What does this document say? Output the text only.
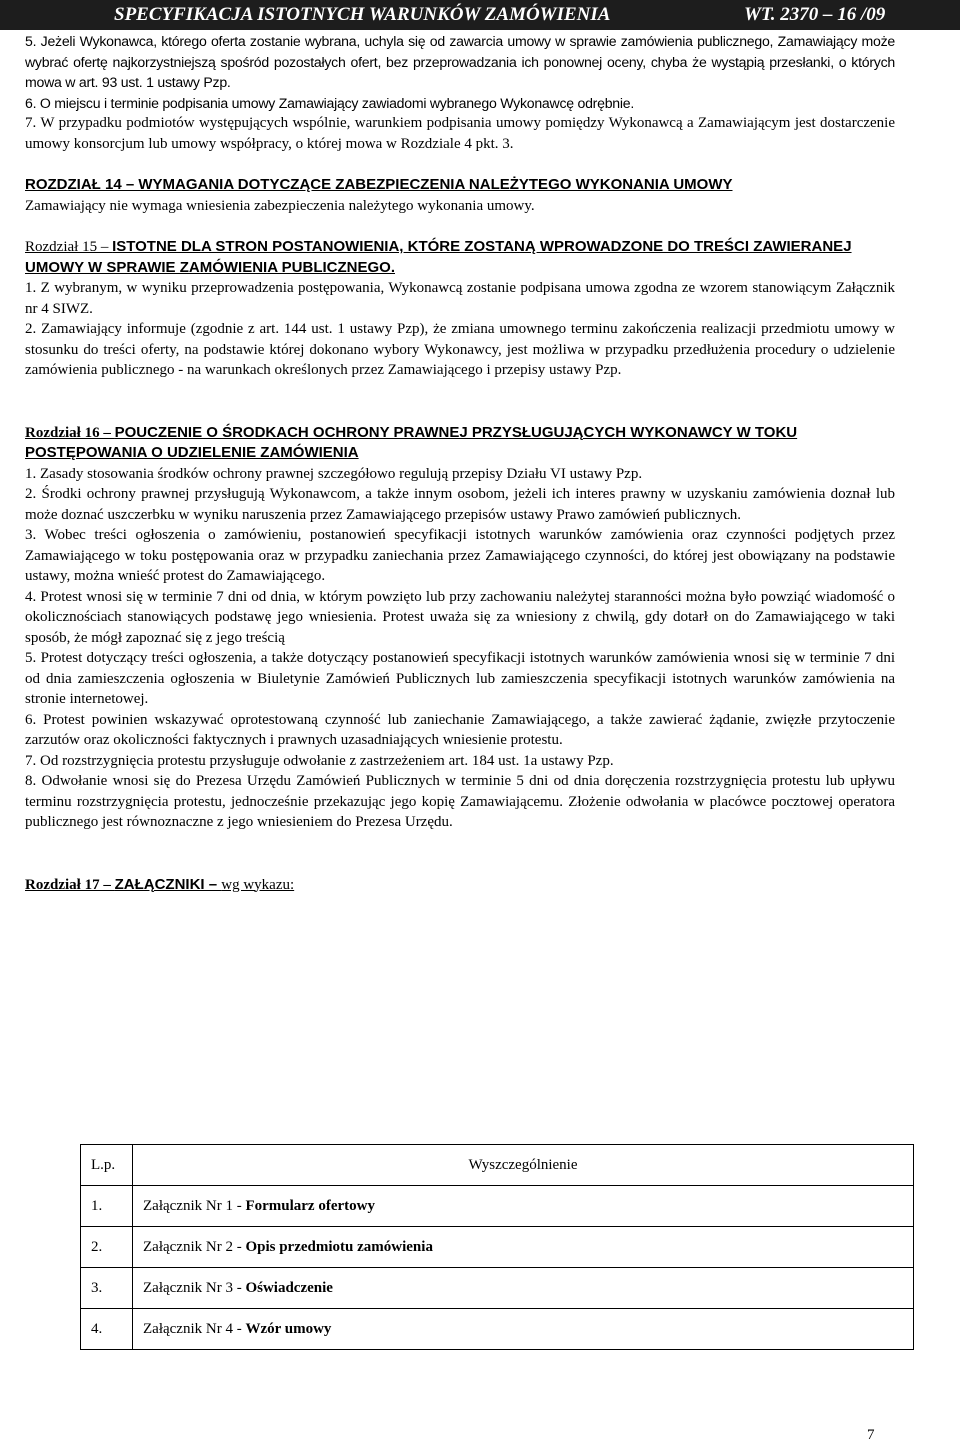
SPECYFIKACJA ISTOTNYCH WARUNKÓW ZAMÓWIENIA	WT. 2370 – 16 /09

5. Jeżeli Wykonawca, którego oferta zostanie wybrana, uchyla się od zawarcia umowy w sprawie zamówienia publicznego, Zamawiający może wybrać ofertę najkorzystniejszą spośród pozostałych ofert, bez przeprowadzania ich ponownej oceny, chyba że wystąpią przesłanki, o których mowa w art. 93 ust. 1 ustawy Pzp.

6. O miejscu i terminie podpisania umowy Zamawiający zawiadomi wybranego Wykonawcę odrębnie.

7. W przypadku podmiotów występujących wspólnie, warunkiem podpisania umowy pomiędzy Wykonawcą a Zamawiającym jest dostarczenie umowy konsorcjum lub umowy współpracy, o której mowa w Rozdziale 4 pkt. 3.

ROZDZIAŁ 14 – WYMAGANIA DOTYCZĄCE ZABEZPIECZENIA NALEŻYTEGO WYKONANIA UMOWY

Zamawiający nie wymaga wniesienia zabezpieczenia należytego wykonania umowy.

Rozdział 15 – ISTOTNE DLA STRON POSTANOWIENIA, KTÓRE ZOSTANĄ WPROWADZONE DO TREŚCI ZAWIERANEJ UMOWY W SPRAWIE ZAMÓWIENIA PUBLICZNEGO.

1. Z wybranym, w wyniku przeprowadzenia postępowania, Wykonawcą zostanie podpisana umowa zgodna ze wzorem stanowiącym Załącznik nr 4 SIWZ.

2. Zamawiający informuje (zgodnie z art. 144 ust. 1 ustawy Pzp), że zmiana umownego terminu zakończenia realizacji przedmiotu umowy w stosunku do treści oferty, na podstawie której dokonano wybory Wykonawcy, jest możliwa w przypadku przedłużenia procedury o udzielenie zamówienia publicznego - na warunkach określonych przez Zamawiającego i przepisy ustawy Pzp.

Rozdział 16 – POUCZENIE O ŚRODKACH OCHRONY PRAWNEJ PRZYSŁUGUJĄCYCH WYKONAWCY W TOKU POSTĘPOWANIA O UDZIELENIE ZAMÓWIENIA

1. Zasady stosowania środków ochrony prawnej szczegółowo regulują przepisy Działu VI ustawy Pzp.

2. Środki ochrony prawnej przysługują Wykonawcom, a także innym osobom, jeżeli ich interes prawny w uzyskaniu zamówienia doznał lub może doznać uszczerbku w wyniku naruszenia przez Zamawiającego przepisów ustawy Prawo zamówień publicznych.

3. Wobec treści ogłoszenia o zamówieniu, postanowień specyfikacji istotnych warunków zamówienia oraz czynności podjętych przez Zamawiającego w toku postępowania oraz w przypadku zaniechania przez Zamawiającego czynności, do której jest obowiązany na podstawie ustawy, można wnieść protest do Zamawiającego.

4. Protest wnosi się w terminie 7 dni od dnia, w którym powzięto lub przy zachowaniu należytej staranności można było powziąć wiadomość o okolicznościach stanowiących podstawę jego wniesienia. Protest uważa się za wniesiony z chwilą, gdy dotarł on do Zamawiającego w taki sposób, że mógł zapoznać się z jego treścią

5. Protest dotyczący treści ogłoszenia, a także dotyczący postanowień specyfikacji istotnych warunków zamówienia wnosi się w terminie 7 dni od dnia zamieszczenia ogłoszenia w Biuletynie Zamówień Publicznych lub zamieszczenia specyfikacji istotnych warunków zamówienia na stronie internetowej.

6. Protest powinien wskazywać oprotestowaną czynność lub zaniechanie Zamawiającego, a także zawierać żądanie, zwięzłe przytoczenie zarzutów oraz okoliczności faktycznych i prawnych uzasadniających wniesienie protestu.

7. Od rozstrzygnięcia protestu przysługuje odwołanie z zastrzeżeniem art. 184 ust. 1a ustawy Pzp.

8. Odwołanie wnosi się do Prezesa Urzędu Zamówień Publicznych w terminie 5 dni od dnia doręczenia rozstrzygnięcia protestu lub upływu terminu rozstrzygnięcia protestu, jednocześnie przekazując jego kopię Zamawiającemu. Złożenie odwołania w placówce pocztowej operatora publicznego jest równoznaczne z jego wniesieniem do Prezesa Urzędu.

Rozdział 17 – ZAŁĄCZNIKI – wg wykazu:

L.p.	Wyszczególnienie
1.	Załącznik Nr 1 - Formularz ofertowy
2.	Załącznik Nr 2 - Opis przedmiotu zamówienia
3.	Załącznik Nr 3 - Oświadczenie
4.	Załącznik Nr 4 - Wzór umowy
7
